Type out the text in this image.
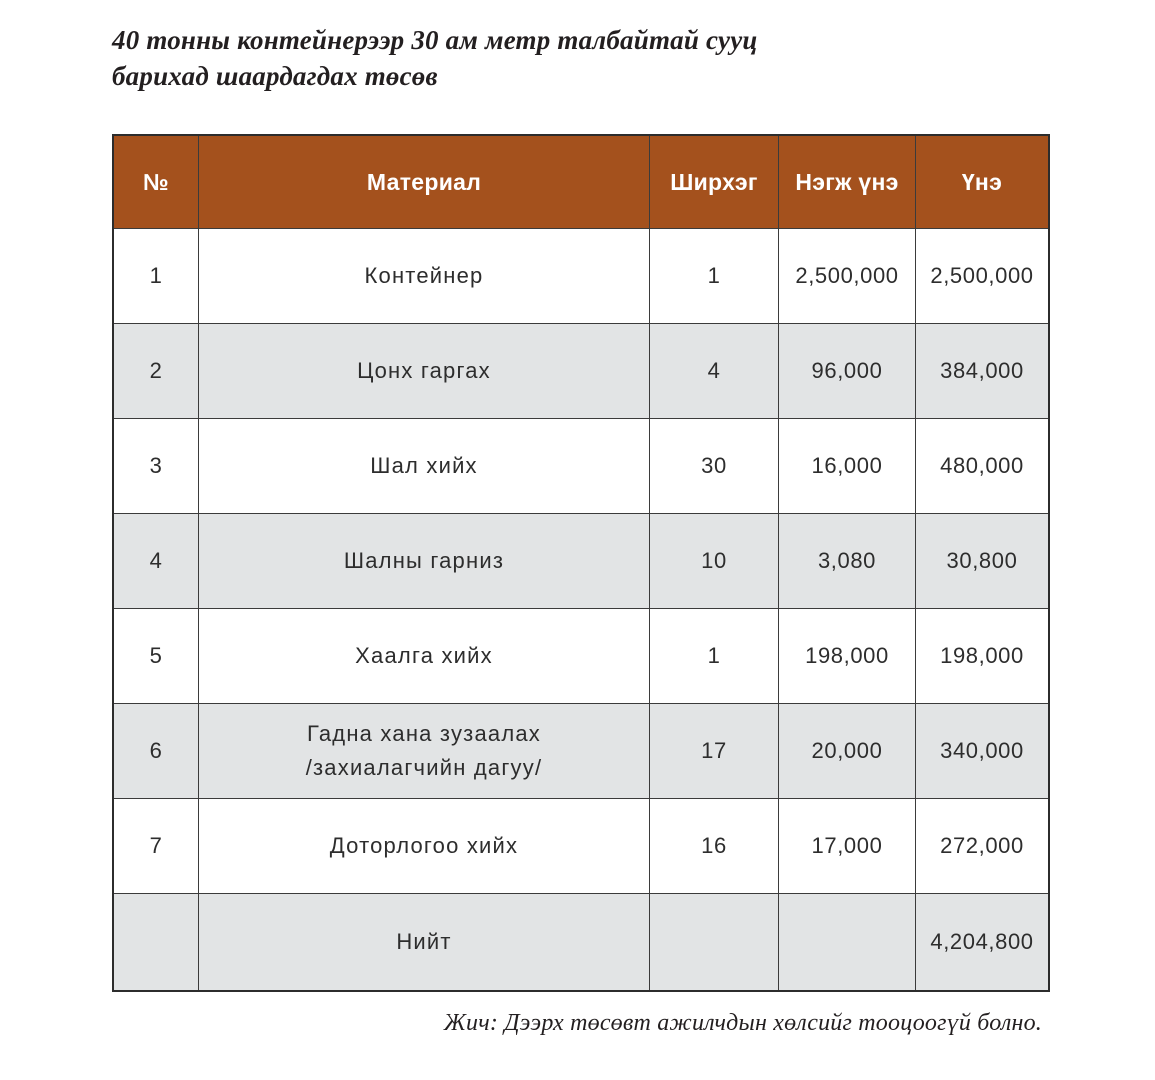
40 тонны контейнерээр 30 ам метр талбайтай сууц
барихад шаардагдах төсөв
№	Материал	Ширхэг	Нэгж үнэ	Үнэ
1	Контейнер	1	2,500,000	2,500,000
2	Цонх гаргах	4	96,000	384,000
3	Шал хийх	30	16,000	480,000
4	Шалны гарниз	10	3,080	30,800
5	Хаалга хийх	1	198,000	198,000
6	Гадна хана зузаалах
/захиалагчийн дагуу/	17	20,000	340,000
7	Доторлогоо хийх	16	17,000	272,000
	Нийт			4,204,800
Жич: Дээрх төсөвт ажилчдын хөлсийг тооцоогүй болно.
